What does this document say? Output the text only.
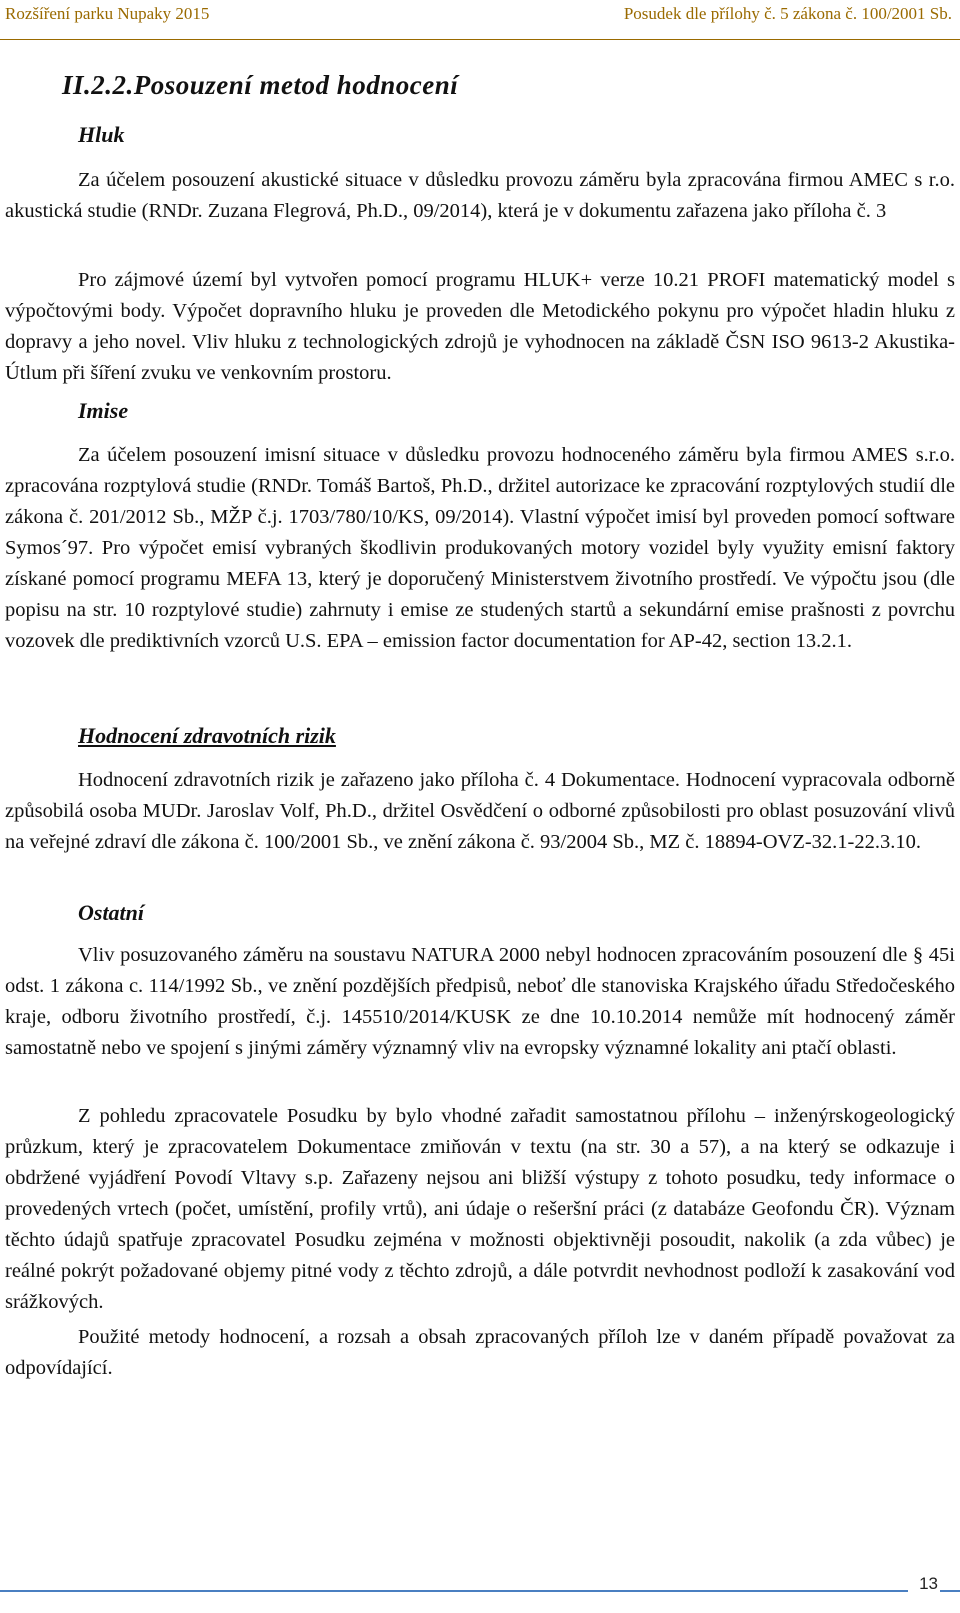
Rozšíření parku Nupaky 2015	Posudek dle přílohy č. 5 zákona č. 100/2001 Sb.
II.2.2.Posouzení metod hodnocení
Hluk
Za účelem posouzení akustické situace v důsledku provozu záměru byla zpracována firmou AMEC s r.o. akustická studie (RNDr. Zuzana Flegrová, Ph.D., 09/2014), která je v dokumentu zařazena jako příloha č. 3
Pro zájmové území byl vytvořen pomocí programu HLUK+ verze 10.21 PROFI matematický model s výpočtovými body. Výpočet dopravního hluku je proveden dle Metodického pokynu pro výpočet hladin hluku z dopravy a jeho novel. Vliv hluku z technologických zdrojů je vyhodnocen na základě ČSN ISO 9613-2 Akustika-Útlum při šíření zvuku ve venkovním prostoru.
Imise
Za účelem posouzení imisní situace v důsledku provozu hodnoceného záměru byla firmou AMES s.r.o. zpracována rozptylová studie (RNDr. Tomáš Bartoš, Ph.D., držitel autorizace ke zpracování rozptylových studií dle zákona č. 201/2012 Sb., MŽP č.j. 1703/780/10/KS, 09/2014). Vlastní výpočet imisí byl proveden pomocí software Symos´97. Pro výpočet emisí vybraných škodlivin produkovaných motory vozidel byly využity emisní faktory získané pomocí programu MEFA 13, který je doporučený Ministerstvem životního prostředí. Ve výpočtu jsou (dle popisu na str. 10 rozptylové studie) zahrnuty i emise ze studených startů a sekundární emise prašnosti z povrchu vozovek dle prediktivních vzorců U.S. EPA – emission factor documentation for AP-42, section 13.2.1.
Hodnocení zdravotních rizik
Hodnocení zdravotních rizik je zařazeno jako příloha č. 4 Dokumentace. Hodnocení vypracovala odborně způsobilá osoba MUDr. Jaroslav Volf, Ph.D., držitel Osvědčení o odborné způsobilosti pro oblast posuzování vlivů na veřejné zdraví dle zákona č. 100/2001 Sb., ve znění zákona č. 93/2004 Sb., MZ č. 18894-OVZ-32.1-22.3.10.
Ostatní
Vliv posuzovaného záměru na soustavu NATURA 2000 nebyl hodnocen zpracováním posouzení dle § 45i odst. 1 zákona c. 114/1992 Sb., ve znění pozdějších předpisů, neboť dle stanoviska Krajského úřadu Středočeského kraje, odboru životního prostředí, č.j. 145510/2014/KUSK ze dne 10.10.2014 nemůže mít hodnocený záměr samostatně nebo ve spojení s jinými záměry významný vliv na evropsky významné lokality ani ptačí oblasti.
Z pohledu zpracovatele Posudku by bylo vhodné zařadit samostatnou přílohu – inženýrskogeologický průzkum, který je zpracovatelem Dokumentace zmiňován v textu (na str. 30 a 57), a na který se odkazuje i obdržené vyjádření Povodí Vltavy s.p. Zařazeny nejsou ani bližší výstupy z tohoto posudku, tedy informace o provedených vrtech (počet, umístění, profily vrtů), ani údaje o rešeršní práci (z databáze Geofondu ČR). Význam těchto údajů spatřuje zpracovatel Posudku zejména v možnosti objektivněji posoudit, nakolik (a zda vůbec) je reálné pokrýt požadované objemy pitné vody z těchto zdrojů, a dále potvrdit nevhodnost podloží k zasakování vod srážkových.
Použité metody hodnocení, a rozsah a obsah zpracovaných příloh lze v daném případě považovat za odpovídající.
13
